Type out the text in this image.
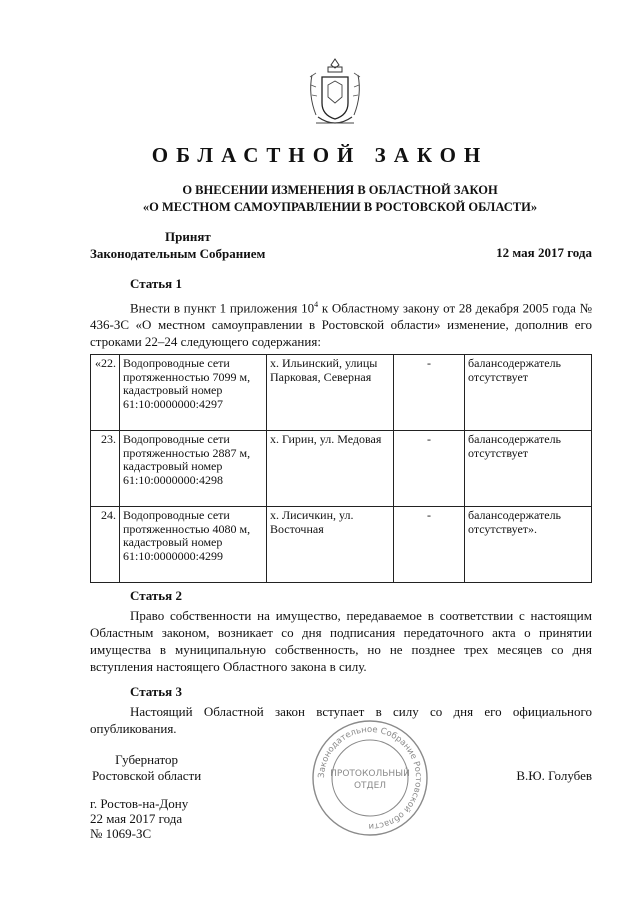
ОБЛАСТНОЙ ЗАКОН
О ВНЕСЕНИИ ИЗМЕНЕНИЯ В ОБЛАСТНОЙ ЗАКОН
«О МЕСТНОМ САМОУПРАВЛЕНИИ В РОСТОВСКОЙ ОБЛАСТИ»
Принят
Законодательным Собранием	12 мая 2017 года
Статья 1
Внести в пункт 1 приложения $10^4$ к Областному закону от 28 декабря 2005 года № 436-ЗС «О местном самоуправлении в Ростовской области» изменение, дополнив его строками 22–24 следующего содержания:
«22.	Водопроводные сети протяженностью 7099 м, кадастровый номер 61:10:0000000:4297	х. Ильинский, улицы Парковая, Северная	-	балансодержатель отсутствует
23.	Водопроводные сети протяженностью 2887 м, кадастровый номер 61:10:0000000:4298	х. Гирин, ул. Медовая	-	балансодержатель отсутствует
24.	Водопроводные сети протяженностью 4080 м, кадастровый номер 61:10:0000000:4299	х. Лисичкин, ул. Восточная	-	балансодержатель отсутствует».
Статья 2
Право собственности на имущество, передаваемое в соответствии с настоящим Областным законом, возникает со дня подписания передаточного акта о принятии имущества в муниципальную собственность, но не позднее трех месяцев со дня вступления настоящего Областного закона в силу.
Статья 3
Настоящий Областной закон вступает в силу со дня его официального опубликования.
Законодательное Собрание Ростовской области
ПРОТОКОЛЬНЫЙ
ОТДЕЛ
Губернатор
Ростовской области	В.Ю. Голубев
г. Ростов-на-Дону
22 мая 2017 года
№ 1069-ЗС
